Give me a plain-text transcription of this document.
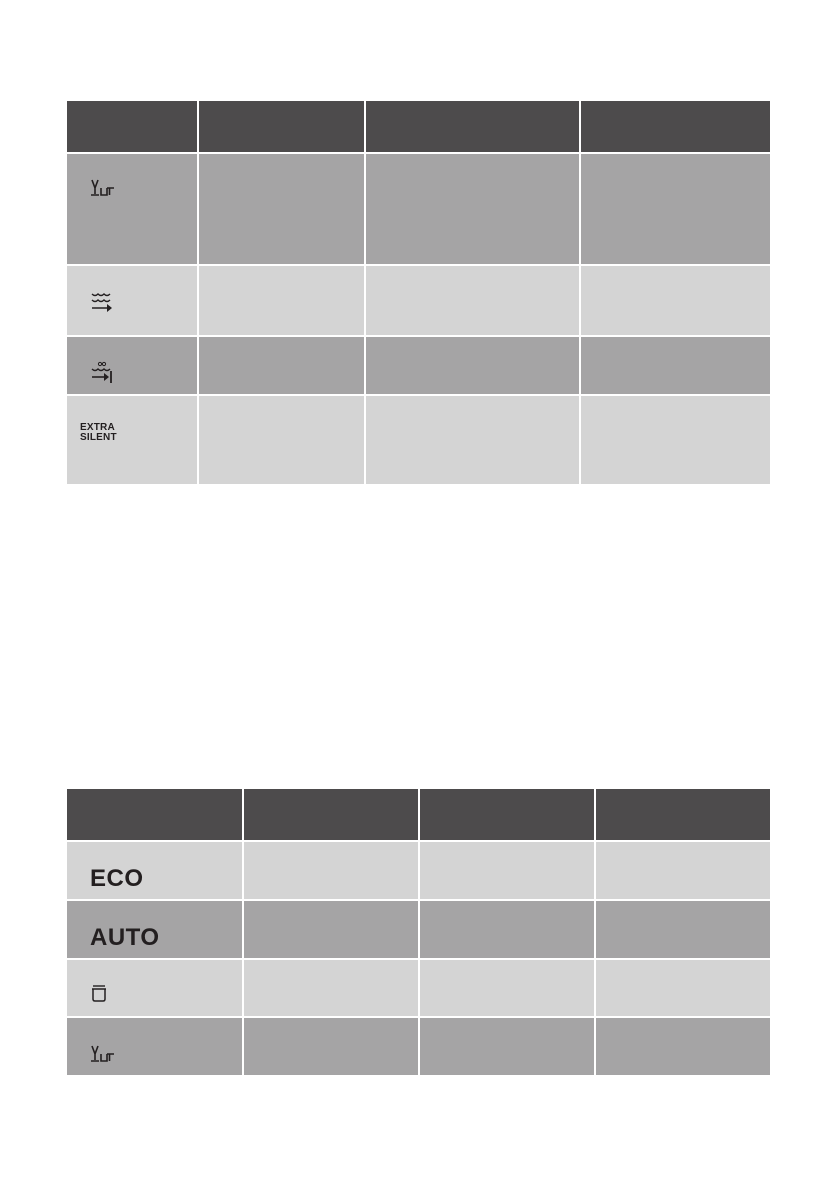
EXTRA
SILENT			

ECO			

AUTO			
